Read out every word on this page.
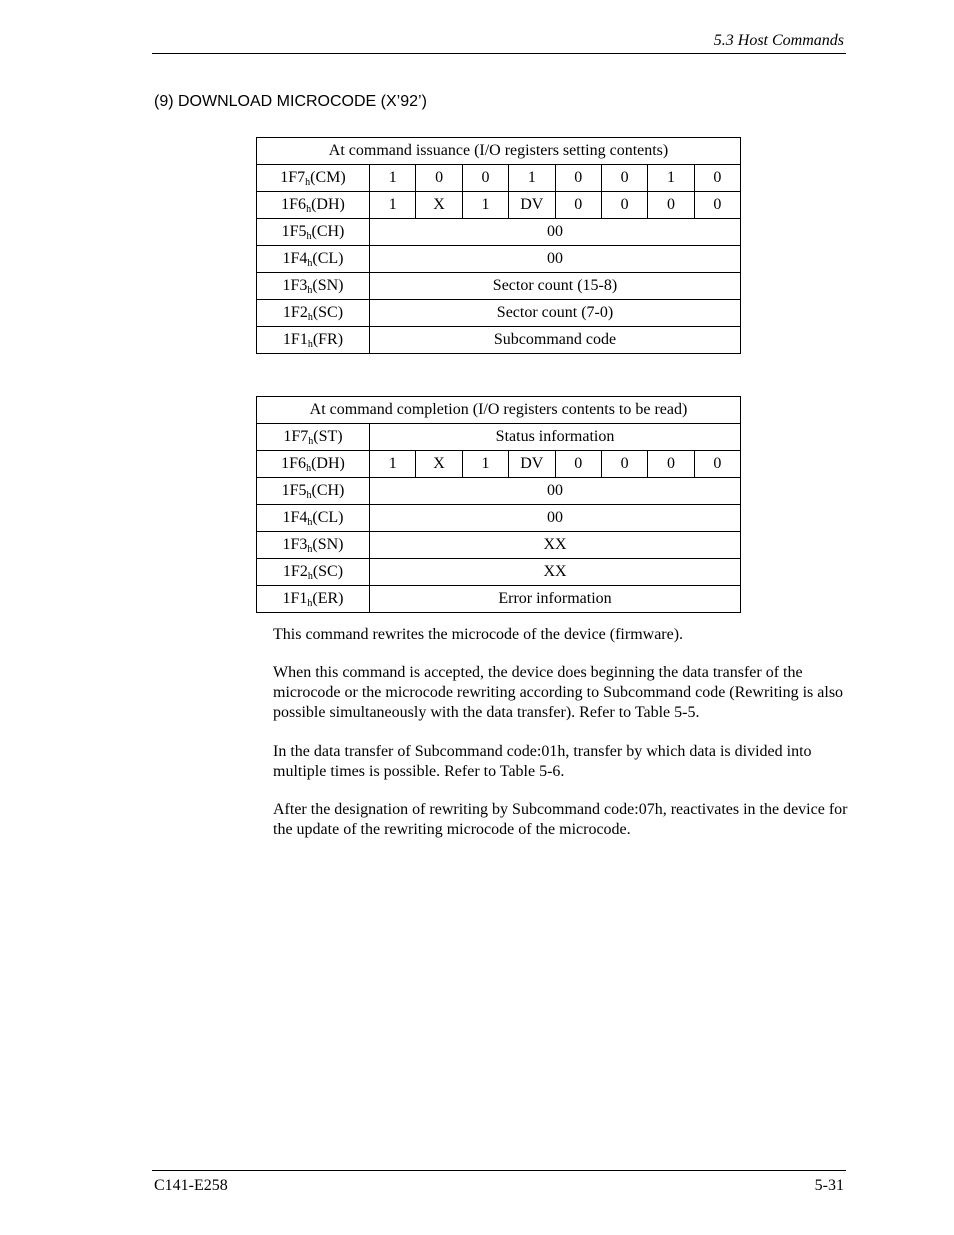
5.3 Host Commands
(9) DOWNLOAD MICROCODE (X’92’)
At command issuance (I/O registers setting contents)								
$1F7_h(CM)$	1	0	0	1	0	0	1	0
$1F6_h(DH)$	1	X	1	DV	0	0	0	0
$1F5_h(CH)$	00							
$1F4_h(CL)$	00							
$1F3_h(SN)$	Sector count (15-8)							
$1F2_h(SC)$	Sector count (7-0)							
$1F1_h(FR)$	Subcommand code							
At command completion (I/O registers contents to be read)								
$1F7_h(ST)$	Status information							
$1F6_h(DH)$	1	X	1	DV	0	0	0	0
$1F5_h(CH)$	00							
$1F4_h(CL)$	00							
$1F3_h(SN)$	XX							
$1F2_h(SC)$	XX							
$1F1_h(ER)$	Error information							

This command rewrites the microcode of the device (firmware).

When this command is accepted, the device does beginning the data transfer of the microcode or the microcode rewriting according to Subcommand code (Rewriting is also possible simultaneously with the data transfer). Refer to Table 5-5.

In the data transfer of Subcommand code:01h, transfer by which data is divided into multiple times is possible. Refer to Table 5-6.

After the designation of rewriting by Subcommand code:07h, reactivates in the device for the update of the rewriting microcode of the microcode.

C141-E258	5-31
